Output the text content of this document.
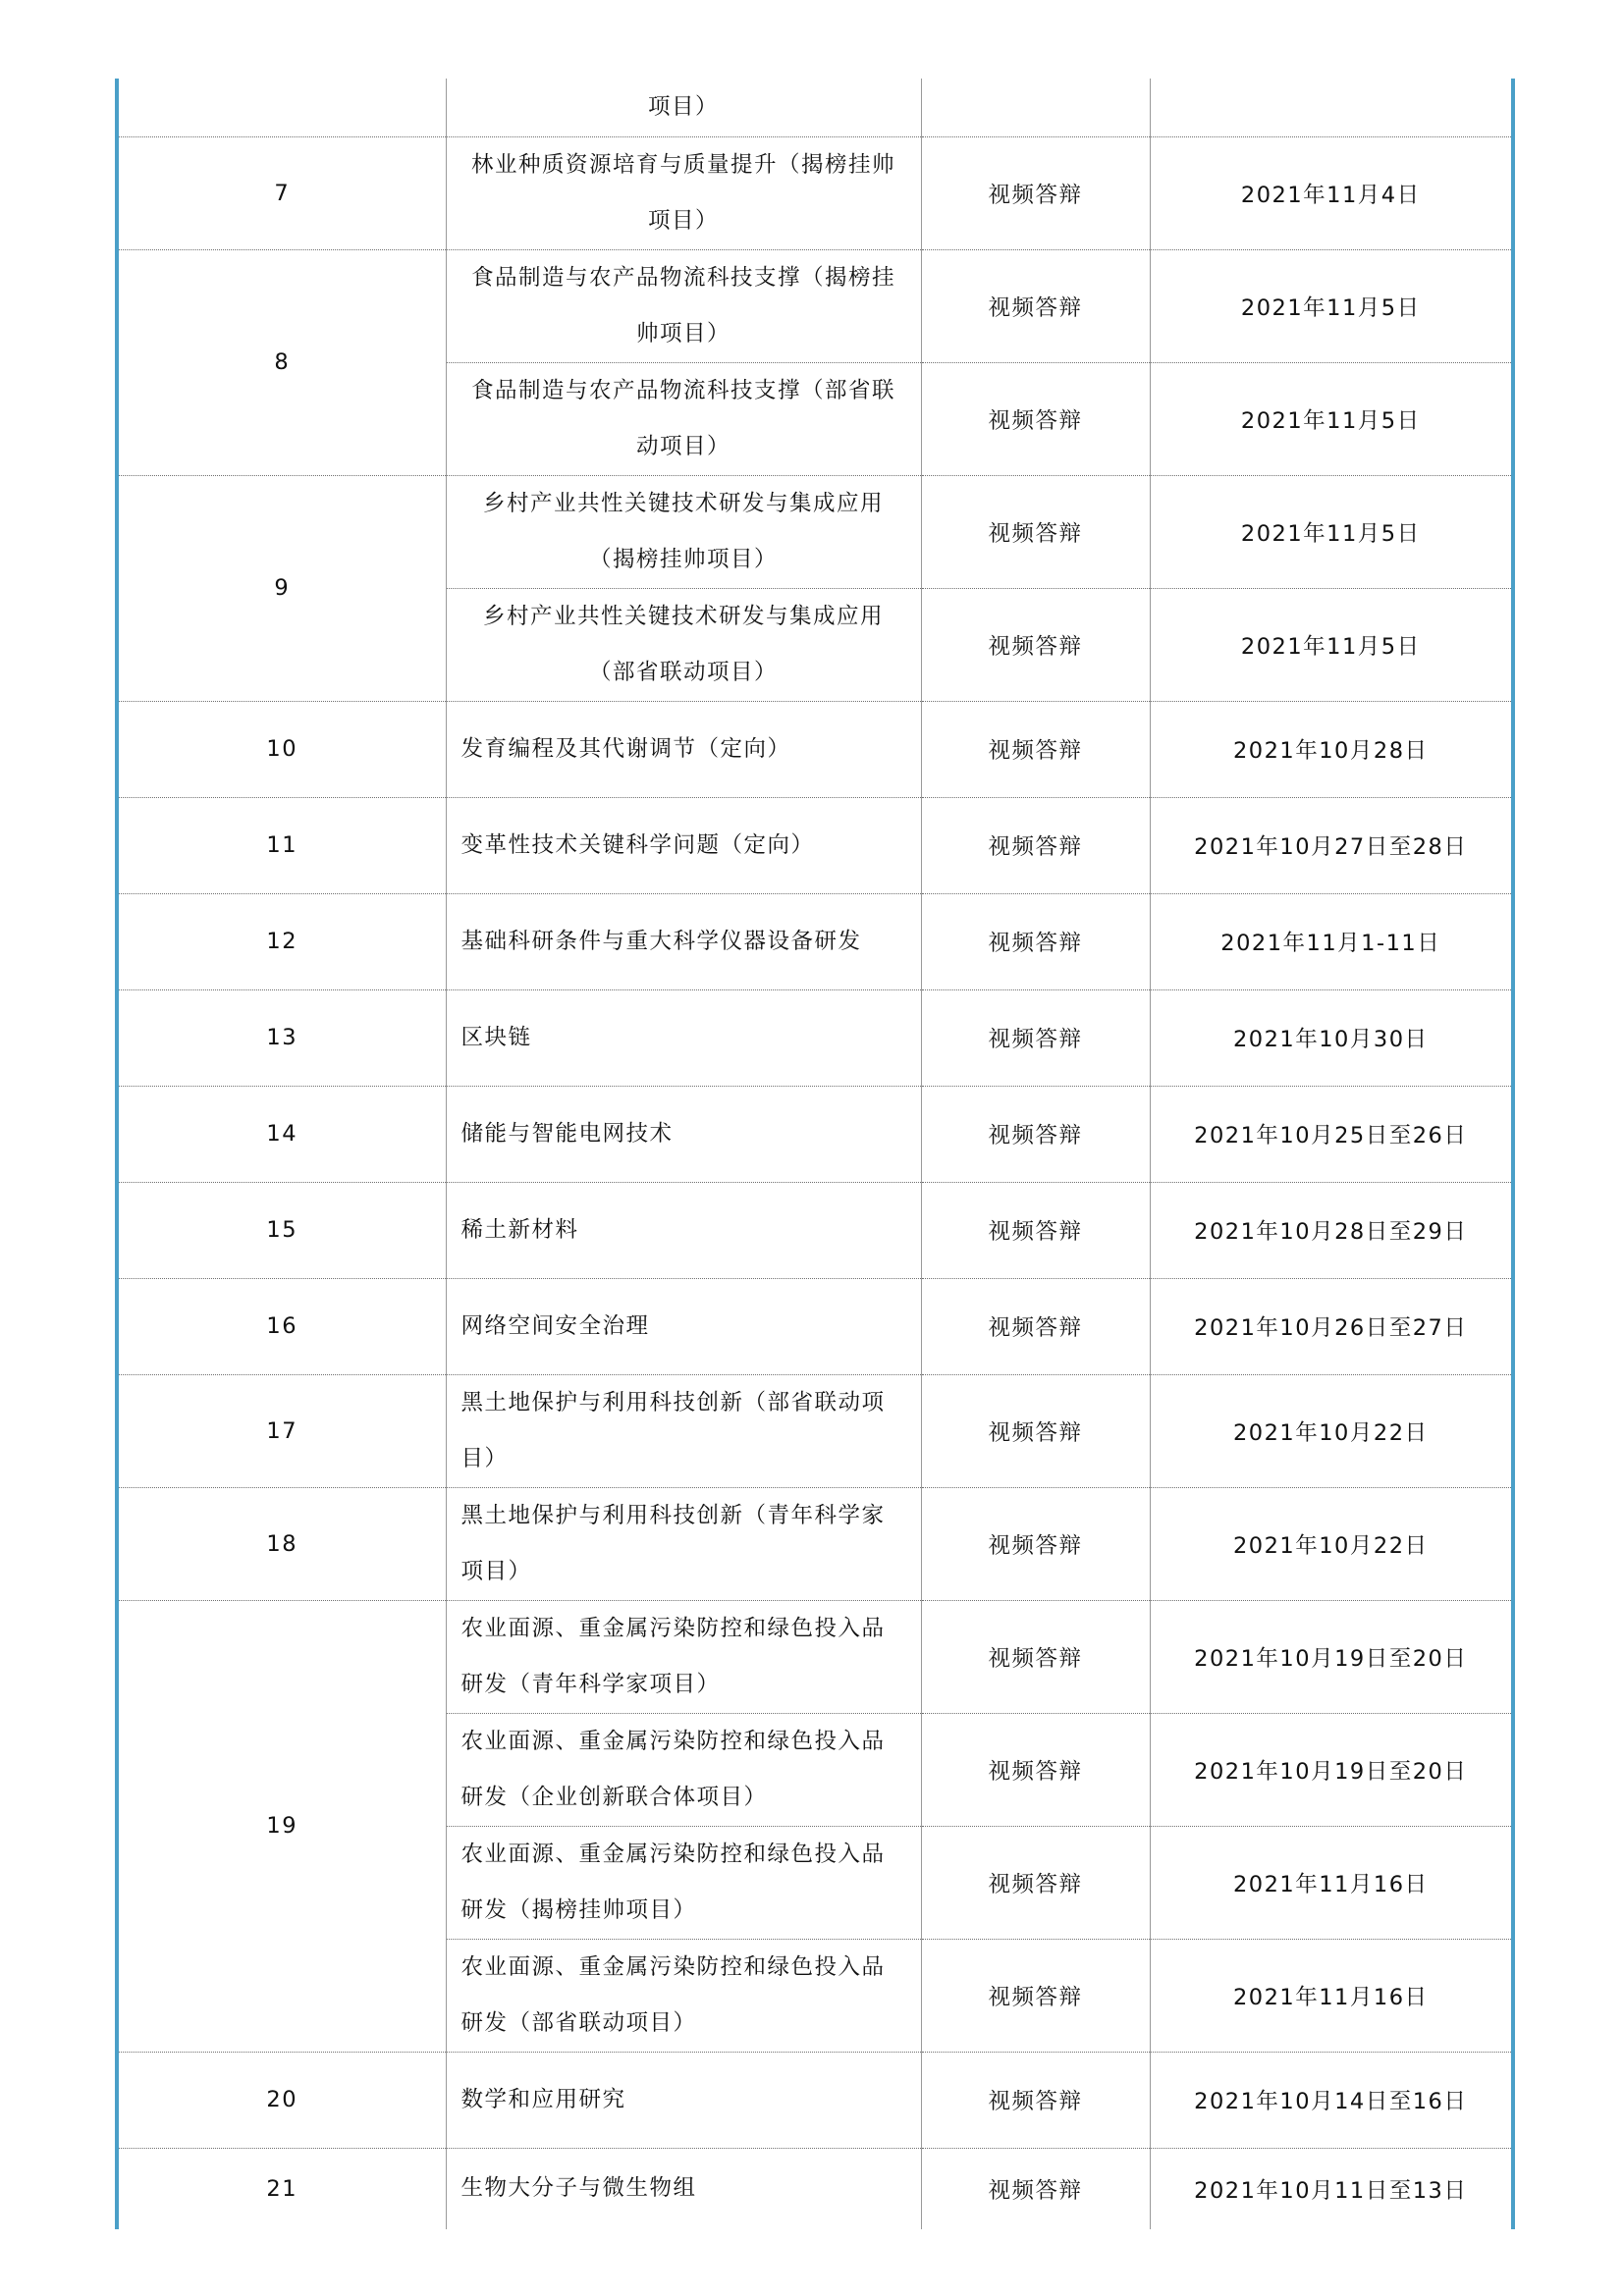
	项目）		
7	林业种质资源培育与质量提升（揭榜挂帅项目）	视频答辩	2021年11月4日
8	食品制造与农产品物流科技支撑（揭榜挂帅项目）	视频答辩	2021年11月5日
	食品制造与农产品物流科技支撑（部省联动项目）	视频答辩	2021年11月5日
9	乡村产业共性关键技术研发与集成应用（揭榜挂帅项目）	视频答辩	2021年11月5日
	乡村产业共性关键技术研发与集成应用（部省联动项目）	视频答辩	2021年11月5日
10	发育编程及其代谢调节（定向）	视频答辩	2021年10月28日
11	变革性技术关键科学问题（定向）	视频答辩	2021年10月27日至28日
12	基础科研条件与重大科学仪器设备研发	视频答辩	2021年11月1-11日
13	区块链	视频答辩	2021年10月30日
14	储能与智能电网技术	视频答辩	2021年10月25日至26日
15	稀土新材料	视频答辩	2021年10月28日至29日
16	网络空间安全治理	视频答辩	2021年10月26日至27日
17	黑土地保护与利用科技创新（部省联动项目）	视频答辩	2021年10月22日
18	黑土地保护与利用科技创新（青年科学家项目）	视频答辩	2021年10月22日
19	农业面源、重金属污染防控和绿色投入品研发（青年科学家项目）	视频答辩	2021年10月19日至20日
	农业面源、重金属污染防控和绿色投入品 研发（企业创新联合体项目）	视频答辩	2021年10月19日至20日
	农业面源、重金属污染防控和绿色投入品 研发（揭榜挂帅项目）	视频答辩	2021年11月16日
	农业面源、重金属污染防控和绿色投入品 研发（部省联动项目）	视频答辩	2021年11月16日
20	数学和应用研究	视频答辩	2021年10月14日至16日
21	生物大分子与微生物组	视频答辩	2021年10月11日至13日
